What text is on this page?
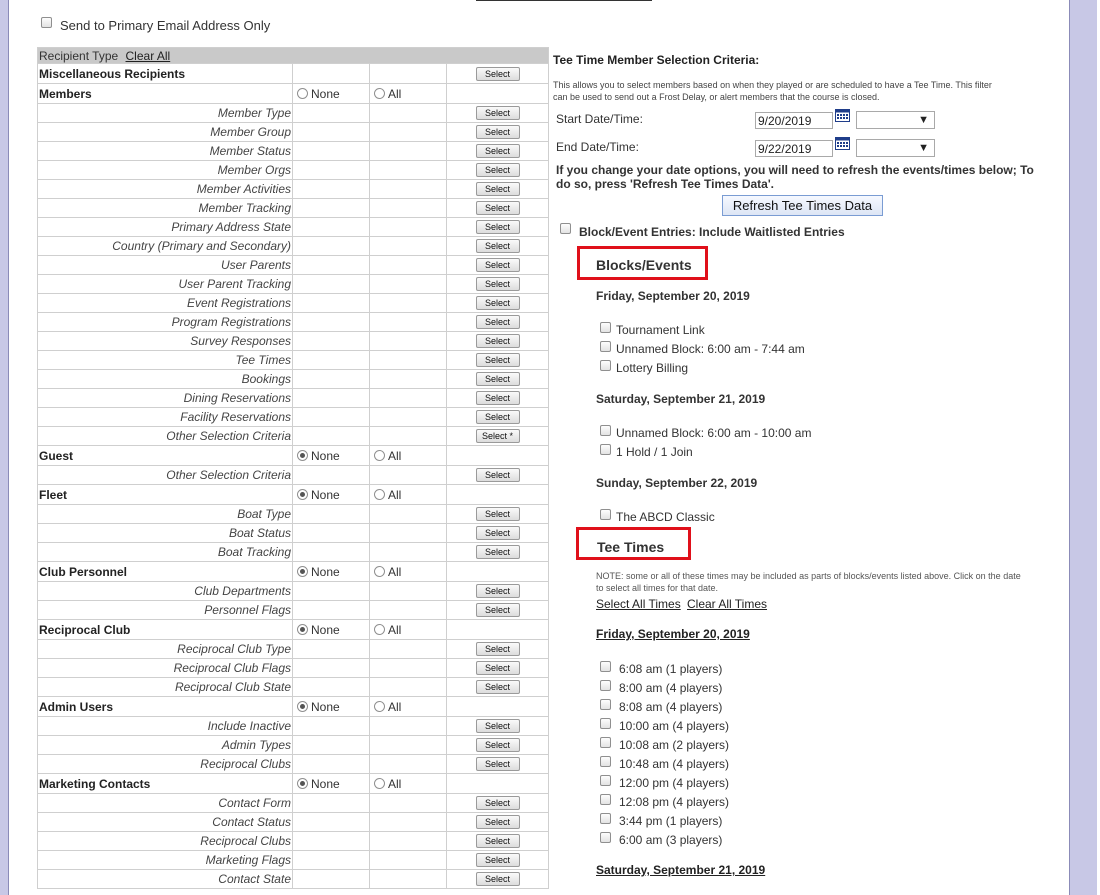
Send to Primary Email Address Only
Recipient Type Clear All			
Miscellaneous Recipients			Select

Members	None	All	
Member Type			Select

Member Group			Select

Member Status			Select

Member Orgs			Select

Member Activities			Select

Member Tracking			Select

Primary Address State			Select

Country (Primary and Secondary)			Select

User Parents			Select

User Parent Tracking			Select

Event Registrations			Select

Program Registrations			Select

Survey Responses			Select

Tee Times			Select

Bookings			Select

Dining Reservations			Select

Facility Reservations			Select

Other Selection Criteria			Select *

Guest	None	All	
Other Selection Criteria			Select

Fleet	None	All	
Boat Type			Select

Boat Status			Select

Boat Tracking			Select

Club Personnel	None	All	
Club Departments			Select

Personnel Flags			Select

Reciprocal Club	None	All	
Reciprocal Club Type			Select

Reciprocal Club Flags			Select

Reciprocal Club State			Select

Admin Users	None	All	
Include Inactive			Select

Admin Types			Select

Reciprocal Clubs			Select

Marketing Contacts	None	All	
Contact Form			Select

Contact Status			Select

Reciprocal Clubs			Select

Marketing Flags			Select

Contact State			Select
Tee Time Member Selection Criteria:
This allows you to select members based on when they played or are scheduled to have a Tee Time. This filter
can be used to send out a Frost Delay, or alert members that the course is closed.
Start Date/Time:	9/20/2019	▼
End Date/Time:	9/22/2019	▼
If you change your date options, you will need to refresh the events/times below; To
do so, press 'Refresh Tee Times Data'.
Refresh Tee Times Data
Block/Event Entries: Include Waitlisted Entries
Blocks/Events
Friday, September 20, 2019
Tournament Link
Unnamed Block: 6:00 am - 7:44 am
Lottery Billing
Saturday, September 21, 2019
Unnamed Block: 6:00 am - 10:00 am
1 Hold / 1 Join
Sunday, September 22, 2019
The ABCD Classic
Tee Times
NOTE: some or all of these times may be included as parts of blocks/events listed above. Click on the date
to select all times for that date.
Select All Times Clear All Times
Friday, September 20, 2019
6:08 am (1 players)
8:00 am (4 players)
8:08 am (4 players)
10:00 am (4 players)
10:08 am (2 players)
10:48 am (4 players)
12:00 pm (4 players)
12:08 pm (4 players)
3:44 pm (1 players)
6:00 am (3 players)
Saturday, September 21, 2019
